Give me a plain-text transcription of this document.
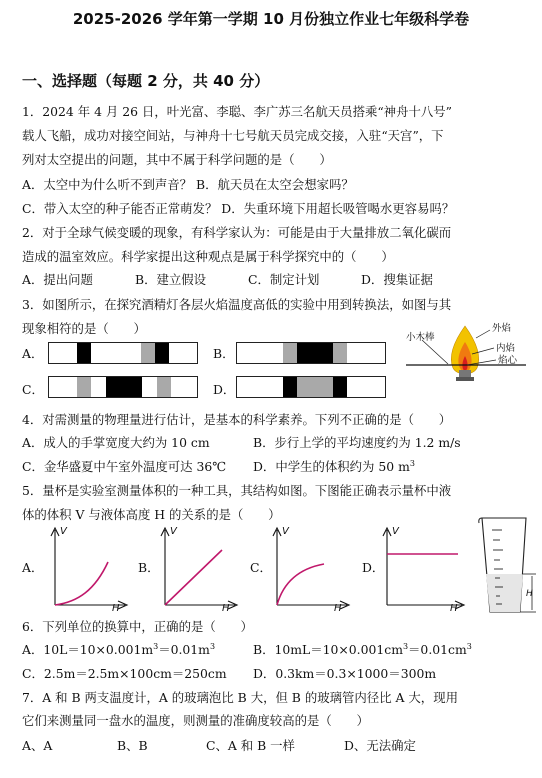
2025-2026 学年第一学期 10 月份独立作业七年级科学卷
一、选择题（每题 2 分，共 40 分）
1．2024 年 4 月 26 日，叶光富、李聪、李广苏三名航天员搭乘“神舟十八号”
载人飞船，成功对接空间站，与神舟十七号航天员完成交接，入驻“天宫”，下
列对太空提出的问题，其中不属于科学问题的是（　　）
A．太空中为什么听不到声音？ B．航天员在太空会想家吗？
C．带入太空的种子能否正常萌发？ D．失重环境下用超长吸管喝水更容易吗？
2．对于全球气候变暖的现象，有科学家认为：可能是由于大量排放二氧化碳而
造成的温室效应。科学家提出这种观点是属于科学探究中的（　　）
A．提出问题	B．建立假设	C．制定计划	D．搜集证据
3．如图所示，在探究酒精灯各层火焰温度高低的实验中用到转换法，如图与其
现象相符的是（　　）
A．	B．
C．	D．
小木棒
外焰
内焰
焰心
4．对需测量的物理量进行估计，是基本的科学素养。下列不正确的是（　　）
A．成人的手掌宽度大约为 10 cm	B．步行上学的平均速度约为 1.2 m/s
C．金华盛夏中午室外温度可达 36℃ D．中学生的体积约为 50 $m^3$
5．量杯是实验室测量体积的一种工具，其结构如图。下图能正确表示量杯中液
体的体积 V 与液体高度 H 的关系的是（　　）
A．
V
H
B．
V
H
C．
V
H
D．
V
H
H
6．下列单位的换算中，正确的是（　　）
A．$10L=10\times 0.001m^3=0.01m^3$	B．$10mL=10\times 0.001cm^3=0.01cm^3$
C．2.5m＝2.5m×100cm＝250cm D．0.3km＝0.3×1000＝300m
7．A 和 B 两支温度计，A 的玻璃泡比 B 大，但 B 的玻璃管内径比 A 大，现用
它们来测量同一盘水的温度，则测量的准确度较高的是（　　）
A、A	B、B	C、A 和 B 一样	D、无法确定
